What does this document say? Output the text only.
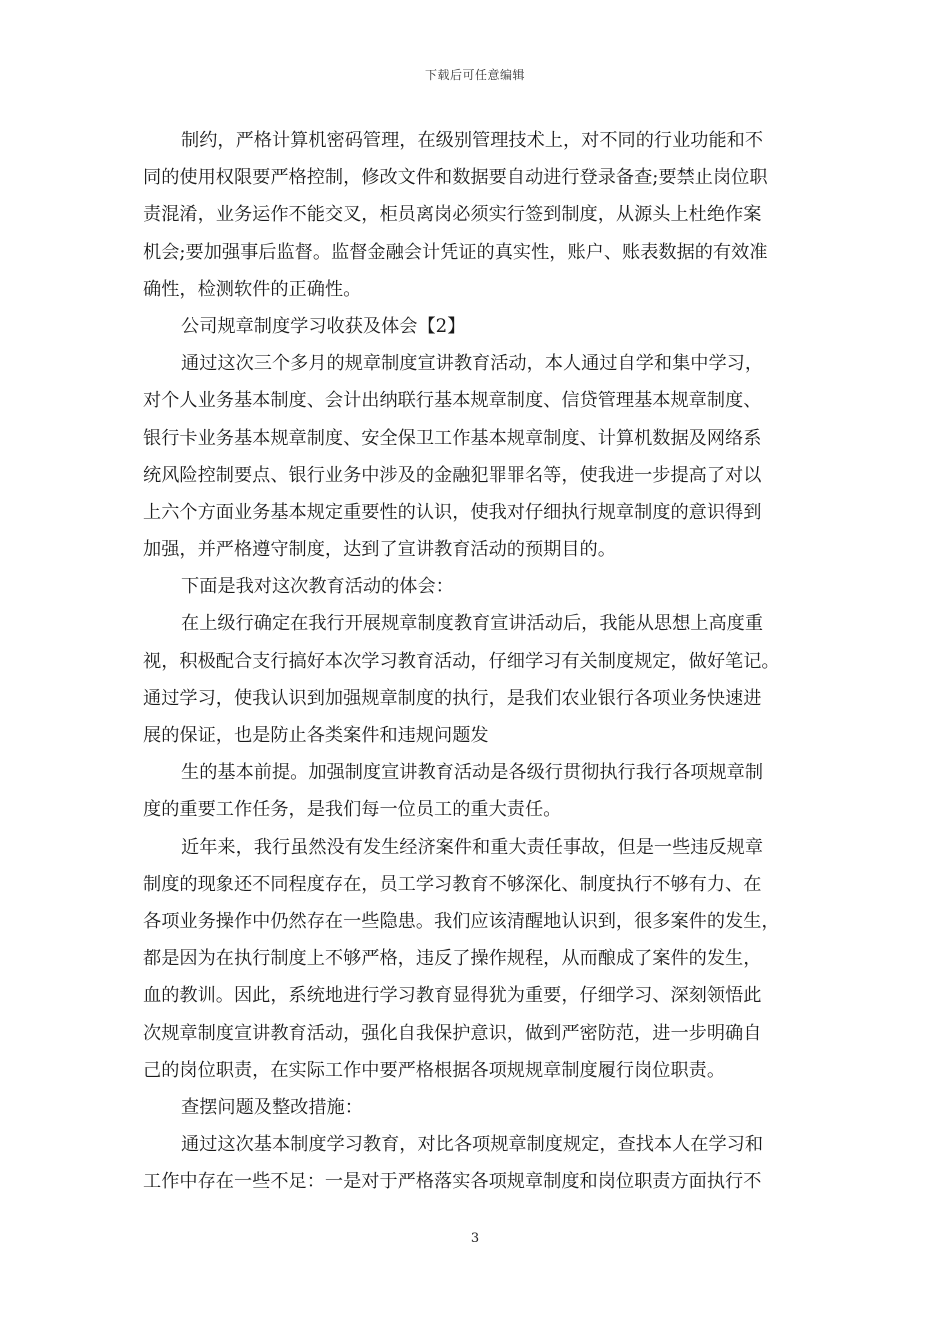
下载后可任意编辑
制约，严格计算机密码管理，在级别管理技术上，对不同的行业功能和不
同的使用权限要严格控制，修改文件和数据要自动进行登录备查;要禁止岗位职
责混淆，业务运作不能交叉，柜员离岗必须实行签到制度，从源头上杜绝作案
机会;要加强事后监督。监督金融会计凭证的真实性，账户、账表数据的有效准
确性，检测软件的正确性。
公司规章制度学习收获及体会【2】
通过这次三个多月的规章制度宣讲教育活动，本人通过自学和集中学习，
对个人业务基本制度、会计出纳联行基本规章制度、信贷管理基本规章制度、
银行卡业务基本规章制度、安全保卫工作基本规章制度、计算机数据及网络系
统风险控制要点、银行业务中涉及的金融犯罪罪名等，使我进一步提高了对以
上六个方面业务基本规定重要性的认识，使我对仔细执行规章制度的意识得到
加强，并严格遵守制度，达到了宣讲教育活动的预期目的。
下面是我对这次教育活动的体会：
在上级行确定在我行开展规章制度教育宣讲活动后，我能从思想上高度重
视，积极配合支行搞好本次学习教育活动，仔细学习有关制度规定，做好笔记。
通过学习，使我认识到加强规章制度的执行，是我们农业银行各项业务快速进
展的保证，也是防止各类案件和违规问题发
生的基本前提。加强制度宣讲教育活动是各级行贯彻执行我行各项规章制
度的重要工作任务，是我们每一位员工的重大责任。
近年来，我行虽然没有发生经济案件和重大责任事故，但是一些违反规章
制度的现象还不同程度存在，员工学习教育不够深化、制度执行不够有力、在
各项业务操作中仍然存在一些隐患。我们应该清醒地认识到，很多案件的发生，
都是因为在执行制度上不够严格，违反了操作规程，从而酿成了案件的发生，
血的教训。因此，系统地进行学习教育显得犹为重要，仔细学习、深刻领悟此
次规章制度宣讲教育活动，强化自我保护意识，做到严密防范，进一步明确自
己的岗位职责，在实际工作中要严格根据各项规规章制度履行岗位职责。
查摆问题及整改措施：
通过这次基本制度学习教育，对比各项规章制度规定，查找本人在学习和
工作中存在一些不足：一是对于严格落实各项规章制度和岗位职责方面执行不
3
